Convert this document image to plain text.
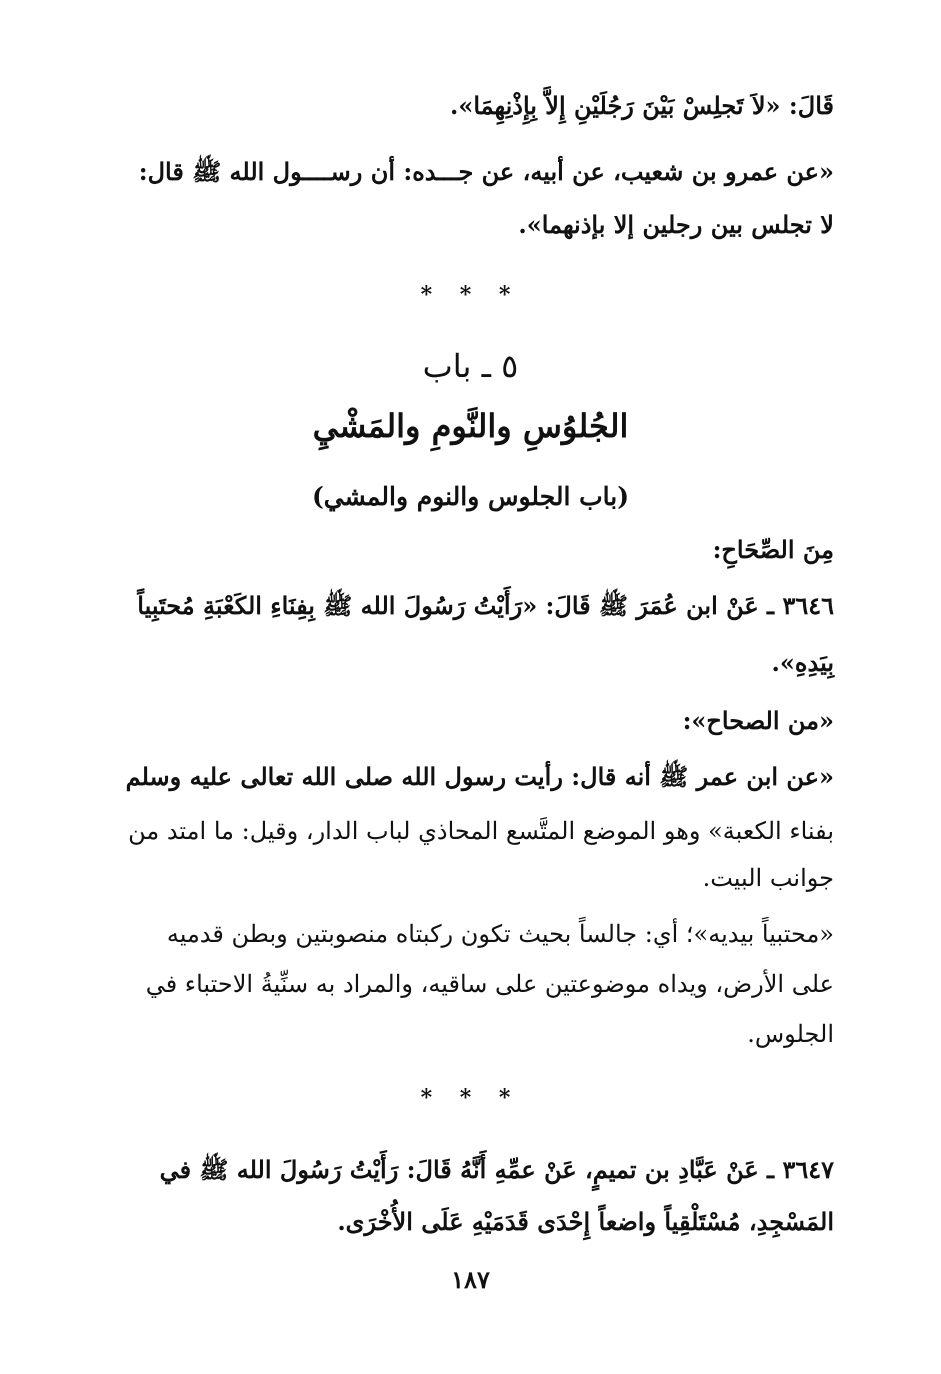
قَالَ: «لاَ تَجلِسْ بَيْنَ رَجُلَيْنِ إِلاَّ بِإِذْنِهِمَا».
«عن عمرو بن شعيب، عن أبيه، عن جـــده: أن رســــول الله ﷺ قال:
لا تجلس بين رجلين إلا بإذنهما».
* * *
٥ ـ باب
الجُلوُسِ والنَّومِ والمَشْيِ
(باب الجلوس والنوم والمشي)
مِنَ الصِّحَاحِ:
٣٦٤٦ ـ عَنْ ابن عُمَرَ ﷺ قَالَ: «رَأَيْتُ رَسُولَ الله ﷺ بِفِنَاءِ الكَعْبَةِ مُحتَبِياً
بِيَدِهِ».
«من الصحاح»:
«عن ابن عمر ﷺ أنه قال: رأيت رسول الله صلى الله تعالى عليه وسلم
بفناء الكعبة» وهو الموضع المتَّسع المحاذي لباب الدار، وقيل: ما امتد من
جوانب البيت.
«محتبياً بيديه»؛ أي: جالساً بحيث تكون ركبتاه منصوبتين وبطن قدميه
على الأرض، ويداه موضوعتين على ساقيه، والمراد به سنِّيةُ الاحتباء في
الجلوس.
* * *
٣٦٤٧ ـ عَنْ عَبَّادِ بن تميمٍ، عَنْ عمِّهِ أَنَّهُ قَالَ: رَأَيْتُ رَسُولَ الله ﷺ في
المَسْجِدِ، مُسْتَلْقِياً واضعاً إِحْدَى قَدَمَيْهِ عَلَى الأُخْرَى.
١٨٧
